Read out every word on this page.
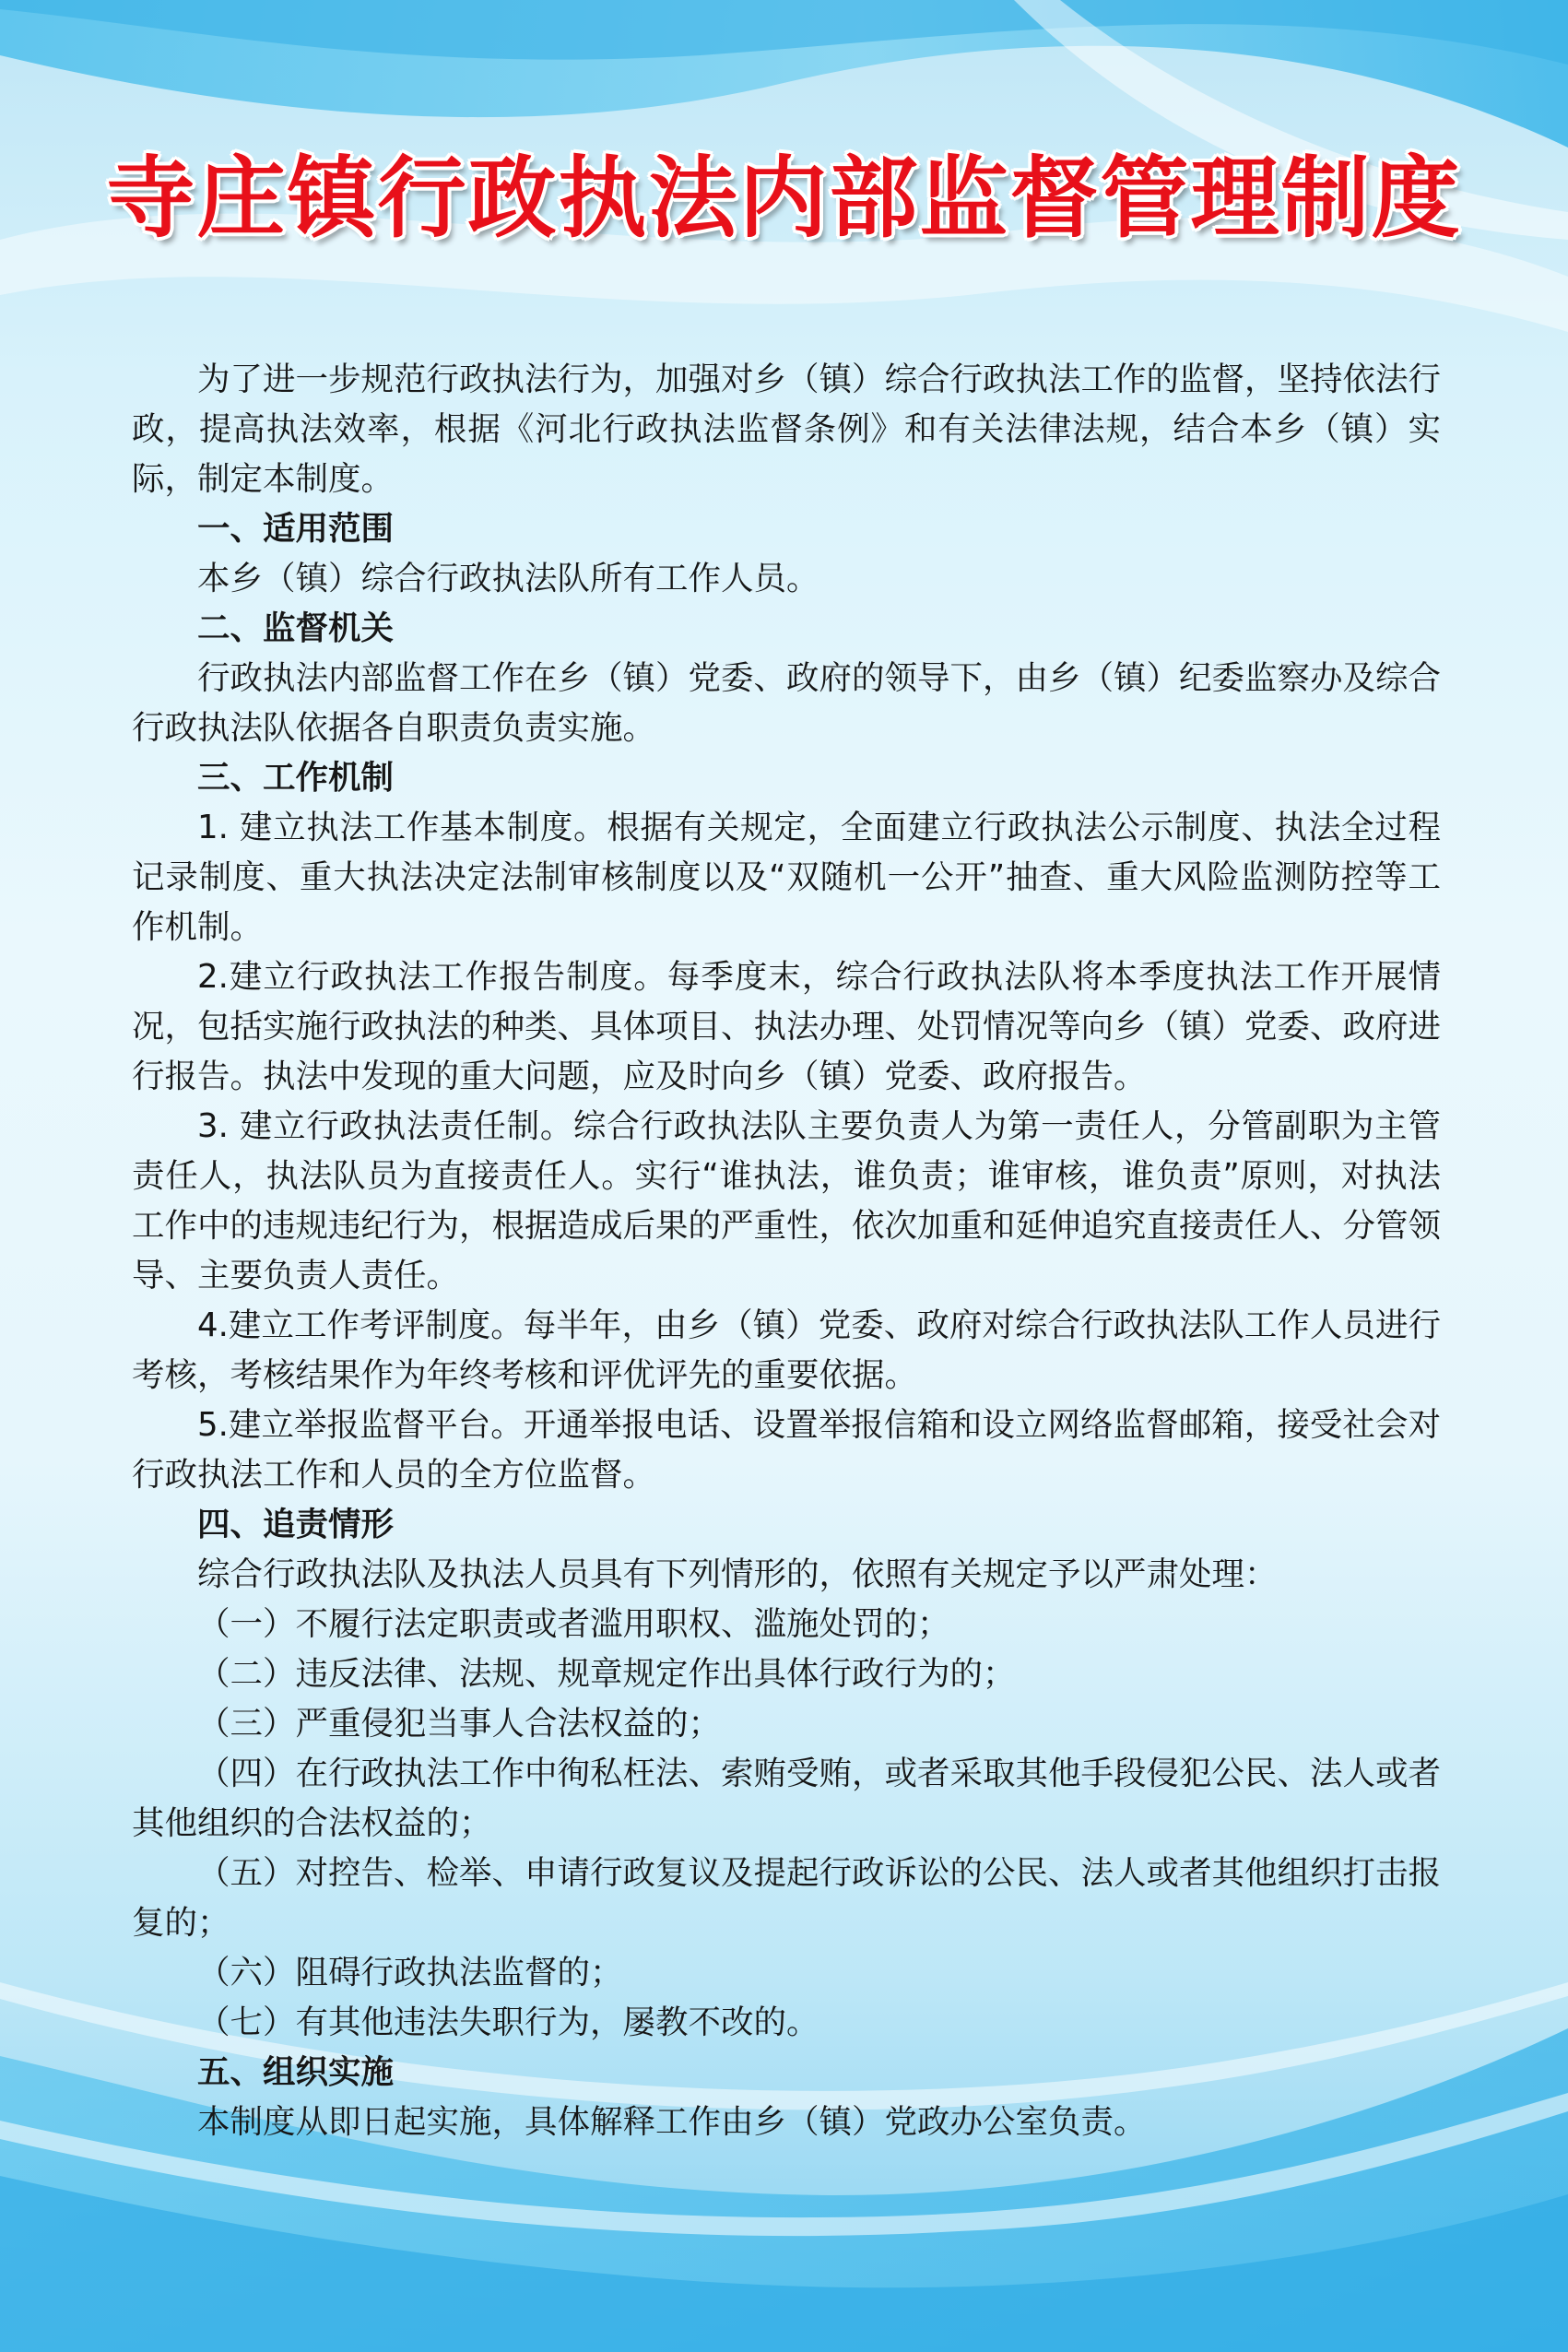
寺庄镇行政执法内部监督管理制度

为了进一步规范行政执法行为，加强对乡（镇）综合行政执法工作的监督，坚持依法行政，提高执法效率，根据《河北行政执法监督条例》和有关法律法规，结合本乡（镇）实际，制定本制度。

一、适用范围

本乡（镇）综合行政执法队所有工作人员。

二、监督机关

行政执法内部监督工作在乡（镇）党委、政府的领导下，由乡（镇）纪委监察办及综合行政执法队依据各自职责负责实施。

三、工作机制

1. 建立执法工作基本制度。根据有关规定，全面建立行政执法公示制度、执法全过程记录制度、重大执法决定法制审核制度以及“双随机一公开”抽查、重大风险监测防控等工作机制。

2.建立行政执法工作报告制度。每季度末，综合行政执法队将本季度执法工作开展情况，包括实施行政执法的种类、具体项目、执法办理、处罚情况等向乡（镇）党委、政府进行报告。执法中发现的重大问题，应及时向乡（镇）党委、政府报告。

3. 建立行政执法责任制。综合行政执法队主要负责人为第一责任人，分管副职为主管责任人，执法队员为直接责任人。实行“谁执法，谁负责；谁审核，谁负责”原则，对执法工作中的违规违纪行为，根据造成后果的严重性，依次加重和延伸追究直接责任人、分管领导、主要负责人责任。

4.建立工作考评制度。每半年，由乡（镇）党委、政府对综合行政执法队工作人员进行考核，考核结果作为年终考核和评优评先的重要依据。

5.建立举报监督平台。开通举报电话、设置举报信箱和设立网络监督邮箱，接受社会对行政执法工作和人员的全方位监督。

四、追责情形

综合行政执法队及执法人员具有下列情形的，依照有关规定予以严肃处理：

（一）不履行法定职责或者滥用职权、滥施处罚的；

（二）违反法律、法规、规章规定作出具体行政行为的；

（三）严重侵犯当事人合法权益的；

（四）在行政执法工作中徇私枉法、索贿受贿，或者采取其他手段侵犯公民、法人或者其他组织的合法权益的；

（五）对控告、检举、申请行政复议及提起行政诉讼的公民、法人或者其他组织打击报复的；

（六）阻碍行政执法监督的；

（七）有其他违法失职行为，屡教不改的。

五、组织实施

本制度从即日起实施，具体解释工作由乡（镇）党政办公室负责。
